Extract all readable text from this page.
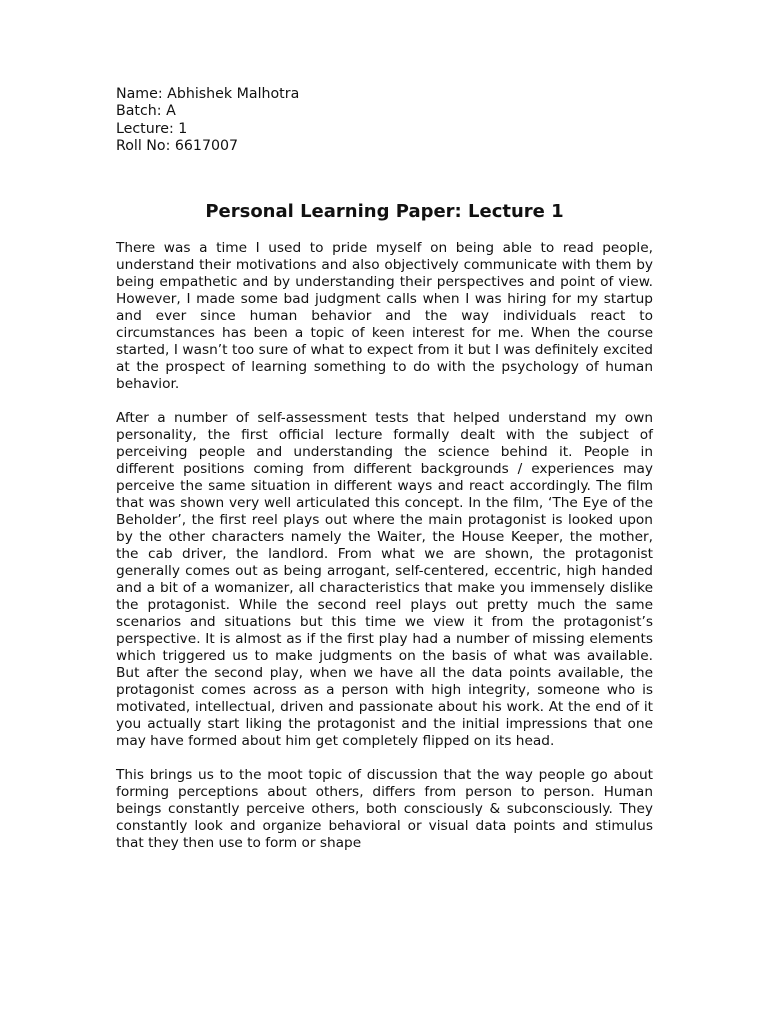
Name: Abhishek Malhotra
Batch: A
Lecture: 1
Roll No: 6617007
Personal Learning Paper: Lecture 1

There was a time I used to pride myself on being able to read people, understand their motivations and also objectively communicate with them by being empathetic and by understanding their perspectives and point of view. However, I made some bad judgment calls when I was hiring for my startup and ever since human behavior and the way individuals react to circumstances has been a topic of keen interest for me. When the course started, I wasn’t too sure of what to expect from it but I was definitely excited at the prospect of learning something to do with the psychology of human behavior.

After a number of self-assessment tests that helped understand my own personality, the first official lecture formally dealt with the subject of perceiving people and understanding the science behind it. People in different positions coming from different backgrounds / experiences may perceive the same situation in different ways and react accordingly. The film that was shown very well articulated this concept. In the film, ‘The Eye of the Beholder’, the first reel plays out where the main protagonist is looked upon by the other characters namely the Waiter, the House Keeper, the mother, the cab driver, the landlord. From what we are shown, the protagonist generally comes out as being arrogant, self-centered, eccentric, high handed and a bit of a womanizer, all characteristics that make you immensely dislike the protagonist. While the second reel plays out pretty much the same scenarios and situations but this time we view it from the protagonist’s perspective. It is almost as if the first play had a number of missing elements which triggered us to make judgments on the basis of what was available. But after the second play, when we have all the data points available, the protagonist comes across as a person with high integrity, someone who is motivated, intellectual, driven and passionate about his work. At the end of it you actually start liking the protagonist and the initial impressions that one may have formed about him get completely flipped on its head.

This brings us to the moot topic of discussion that the way people go about forming perceptions about others, differs from person to person. Human beings constantly perceive others, both consciously & subconsciously. They constantly look and organize behavioral or visual data points and stimulus that they then use to form or shape
